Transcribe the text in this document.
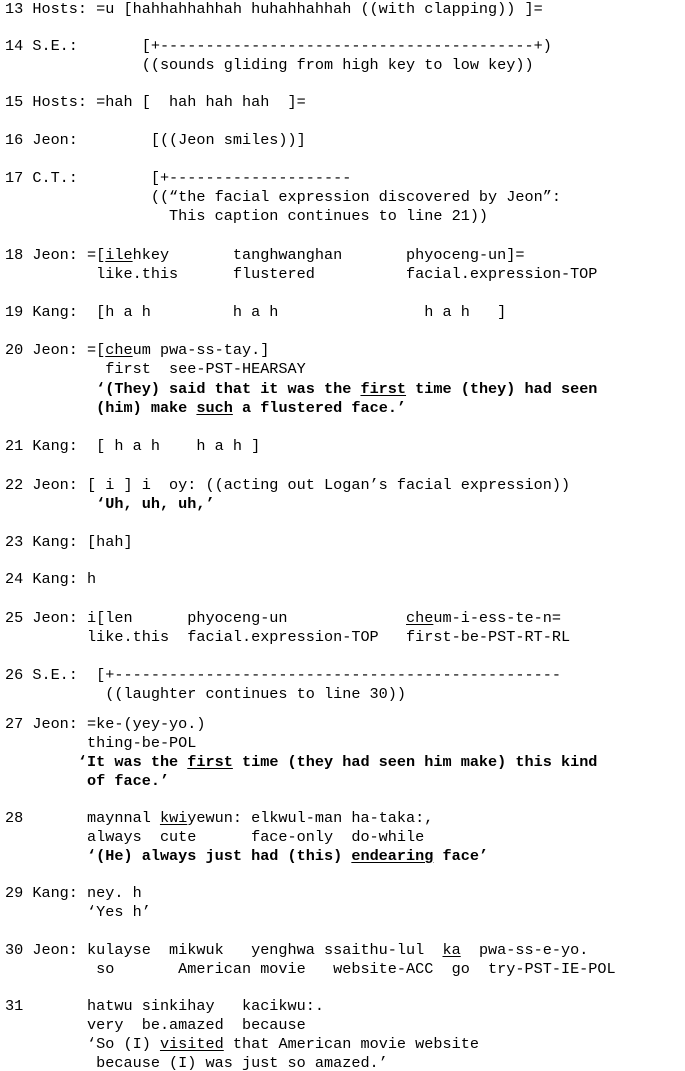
13 Hosts: =u [hahhahhahhah huhahhahhah ((with clapping)) ]=

14 S.E.:       [+-----------------------------------------+)

((sounds gliding from high key to low key))

15 Hosts: =hah [  hah hah hah  ]=

16 Jeon:        [((Jeon smiles))]

17 C.T.:        [+--------------------

((“the facial expression discovered by Jeon”:

This caption continues to line 21))

18 Jeon: =[ilehkey       tanghwanghan       phyoceng-un]=

like.this      flustered          facial.expression-TOP

19 Kang:  [h a h         h a h                h a h   ]

20 Jeon: =[cheum pwa-ss-tay.]

first  see-PST-HEARSAY

‘(They) said that it was the first time (they) had seen

(him) make such a flustered face.’

21 Kang:  [ h a h    h a h ]

22 Jeon: [ i ] i  oy: ((acting out Logan’s facial expression))

‘Uh, uh, uh,’

23 Kang: [hah]

24 Kang: h

25 Jeon: i[len      phyoceng-un             cheum-i-ess-te-n=

like.this  facial.expression-TOP   first-be-PST-RT-RL

26 S.E.:  [+-------------------------------------------------

((laughter continues to line 30))

27 Jeon: =ke-(yey-yo.)

thing-be-POL

‘It was the first time (they had seen him make) this kind

of face.’

28       maynnal kwiyewun: elkwul-man ha-taka:,

always  cute      face-only  do-while

‘(He) always just had (this) endearing face’

29 Kang: ney. h

‘Yes h’

30 Jeon: kulayse  mikwuk   yenghwa ssaithu-lul  ka  pwa-ss-e-yo.

so       American movie   website-ACC  go  try-PST-IE-POL

31       hatwu sinkihay   kacikwu:.

very  be.amazed  because

‘So (I) visited that American movie website

because (I) was just so amazed.’
